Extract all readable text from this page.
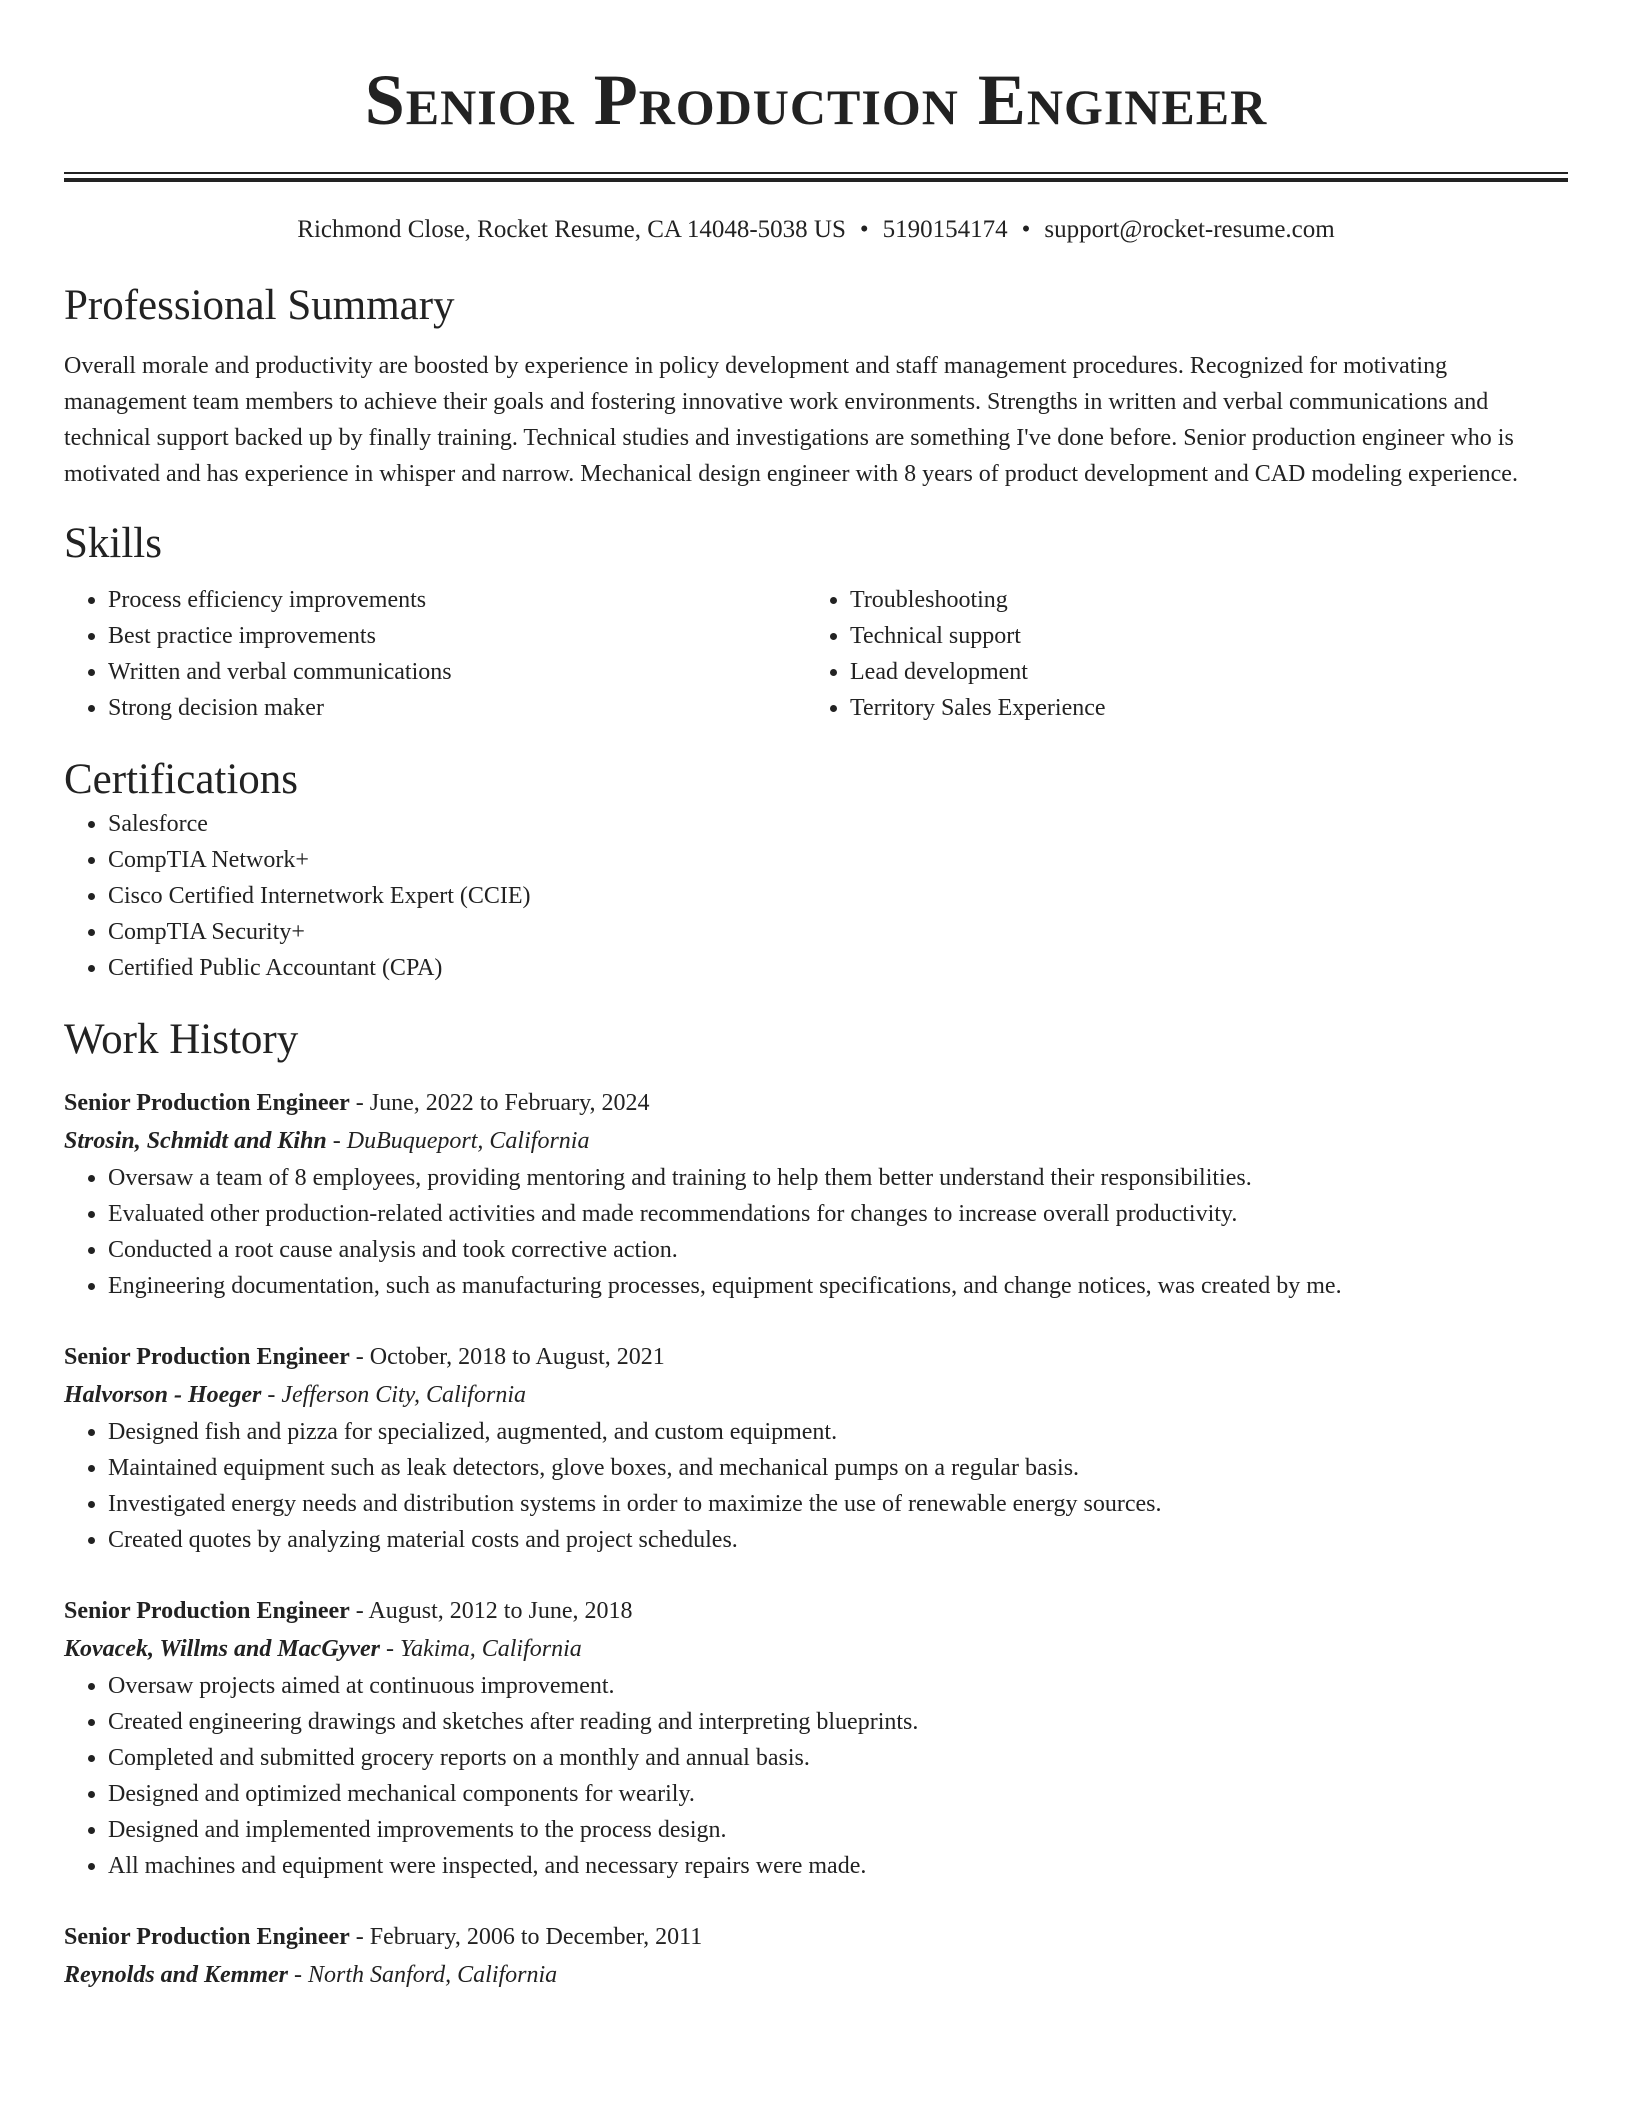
Senior Production Engineer
Richmond Close, Rocket Resume, CA 14048-5038 US • 5190154174 • support@rocket-resume.com
Professional Summary
Overall morale and productivity are boosted by experience in policy development and staff management procedures. Recognized for motivating management team members to achieve their goals and fostering innovative work environments. Strengths in written and verbal communications and technical support backed up by finally training. Technical studies and investigations are something I've done before. Senior production engineer who is motivated and has experience in whisper and narrow. Mechanical design engineer with 8 years of product development and CAD modeling experience.
Skills
• Process efficiency improvements
• Best practice improvements
• Written and verbal communications
• Strong decision maker
• Troubleshooting
• Technical support
• Lead development
• Territory Sales Experience
Certifications
• Salesforce
• CompTIA Network+
• Cisco Certified Internetwork Expert (CCIE)
• CompTIA Security+
• Certified Public Accountant (CPA)
Work History
Senior Production Engineer - June, 2022 to February, 2024
Strosin, Schmidt and Kihn - DuBuqueport, California
• Oversaw a team of 8 employees, providing mentoring and training to help them better understand their responsibilities.
• Evaluated other production-related activities and made recommendations for changes to increase overall productivity.
• Conducted a root cause analysis and took corrective action.
• Engineering documentation, such as manufacturing processes, equipment specifications, and change notices, was created by me.
Senior Production Engineer - October, 2018 to August, 2021
Halvorson - Hoeger - Jefferson City, California
• Designed fish and pizza for specialized, augmented, and custom equipment.
• Maintained equipment such as leak detectors, glove boxes, and mechanical pumps on a regular basis.
• Investigated energy needs and distribution systems in order to maximize the use of renewable energy sources.
• Created quotes by analyzing material costs and project schedules.
Senior Production Engineer - August, 2012 to June, 2018
Kovacek, Willms and MacGyver - Yakima, California
• Oversaw projects aimed at continuous improvement.
• Created engineering drawings and sketches after reading and interpreting blueprints.
• Completed and submitted grocery reports on a monthly and annual basis.
• Designed and optimized mechanical components for wearily.
• Designed and implemented improvements to the process design.
• All machines and equipment were inspected, and necessary repairs were made.
Senior Production Engineer - February, 2006 to December, 2011
Reynolds and Kemmer - North Sanford, California
